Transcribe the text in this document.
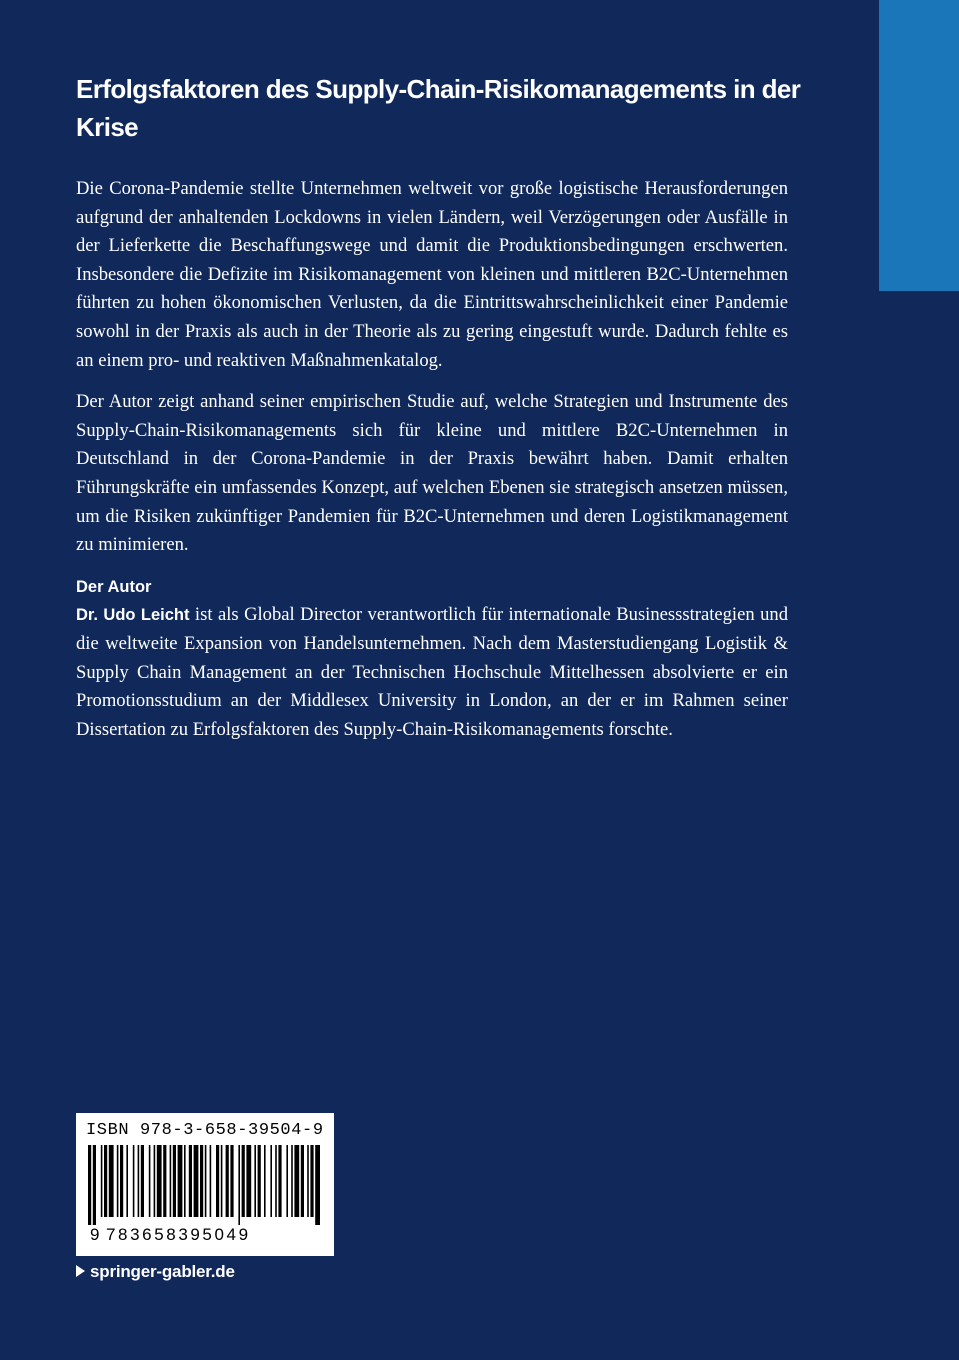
Erfolgsfaktoren des Supply-Chain-Risikomanagements in der Krise

Die Corona-Pandemie stellte Unternehmen weltweit vor große logistische Herausforderungen aufgrund der anhaltenden Lockdowns in vielen Ländern, weil Verzögerungen oder Ausfälle in der Lieferkette die Beschaffungswege und damit die Produktionsbedingungen erschwerten. Insbesondere die Defizite im Risikomanagement von kleinen und mittleren B2C-Unternehmen führten zu hohen ökonomischen Verlusten, da die Eintrittswahrscheinlichkeit einer Pandemie sowohl in der Praxis als auch in der Theorie als zu gering eingestuft wurde. Dadurch fehlte es an einem pro- und reaktiven Maßnahmenkatalog.

Der Autor zeigt anhand seiner empirischen Studie auf, welche Strategien und Instrumente des Supply-Chain-Risikomanagements sich für kleine und mittlere B2C-Unternehmen in Deutschland in der Corona-Pandemie in der Praxis bewährt haben. Damit erhalten Führungskräfte ein umfassendes Konzept, auf welchen Ebenen sie strategisch ansetzen müssen, um die Risiken zukünftiger Pandemien für B2C-Unternehmen und deren Logistikmanagement zu minimieren.

Der Autor

Dr. Udo Leicht ist als Global Director verantwortlich für internationale Businessstrategien und die weltweite Expansion von Handelsunternehmen. Nach dem Masterstudiengang Logistik & Supply Chain Management an der Technischen Hochschule Mittelhessen absolvierte er ein Promotionsstudium an der Middlesex University in London, an der er im Rahmen seiner Dissertation zu Erfolgsfaktoren des Supply-Chain-Risikomanagements forschte.

ISBN 978-3-658-39504-9
9 783658395049
springer-gabler.de
